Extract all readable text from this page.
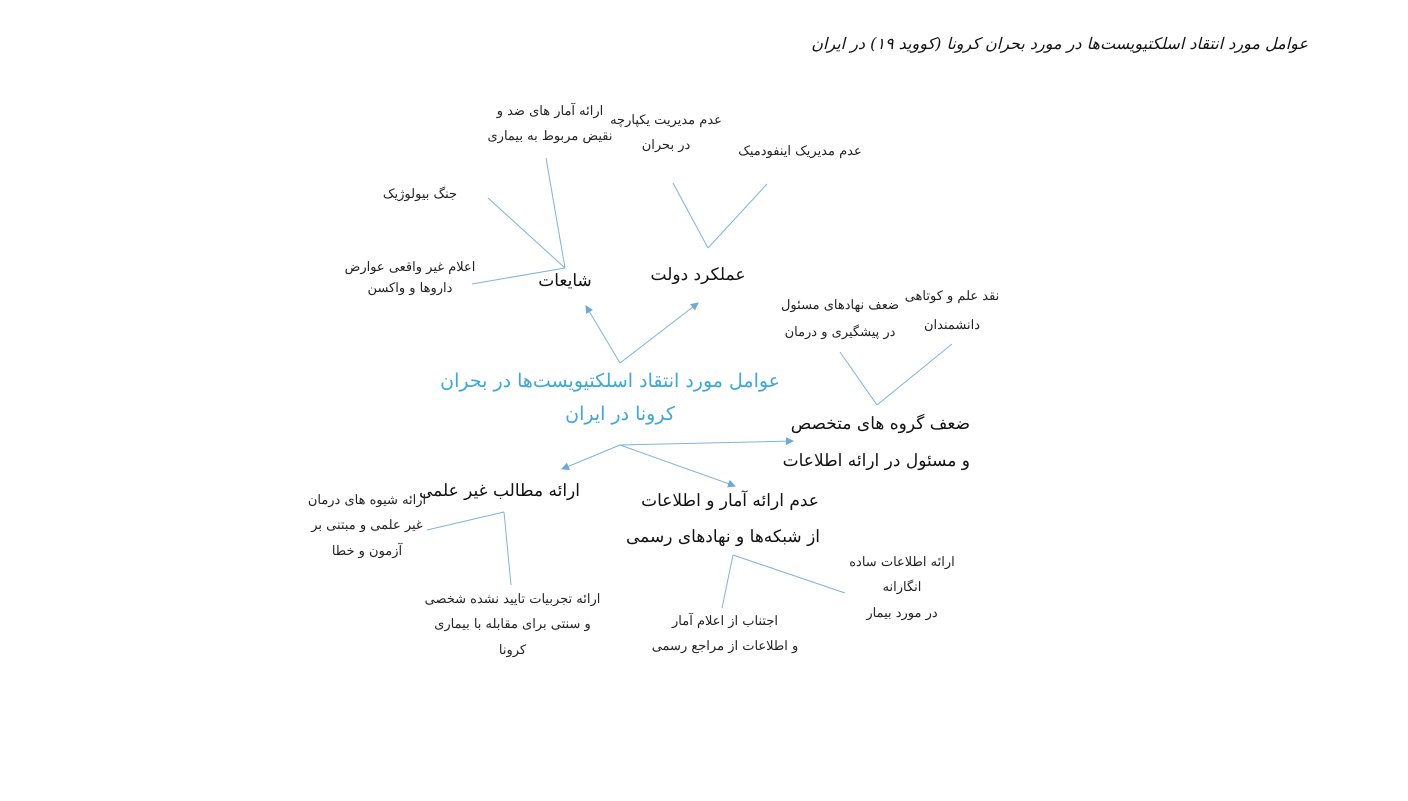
عوامل مورد انتقاد اسلکتیویست‌ها در مورد بحران کرونا (کووید ۱۹) در ایران
عوامل مورد انتقاد اسلکتیویست‌ها در بحران
کرونا در ایران
شایعات
ارائه آمار های ضد و
نقیض مربوط به بیماری
جنگ بیولوژیک
اعلام غیر واقعی عوارض
داروها و واکسن
عملکرد دولت
عدم مدیریت یکپارچه
در بحران	عدم مدیریک اینفودمیک
ضعف گروه های متخصص
و مسئول در ارائه اطلاعات
ضعف نهادهای مسئول
در پیشگیری و درمان
نقد علم و کوتاهی
دانشمندان
ارائه مطالب غیر علمی
ارائه شیوه های درمان
غیر علمی و مبتنی بر
آزمون و خطا
ارائه تجربیات تایید نشده شخصی
و سنتی برای مقابله با بیماری
کرونا
عدم ارائه آمار و اطلاعات
از شبکه‌ها و نهادهای رسمی
اجتناب از اعلام آمار
و اطلاعات از مراجع رسمی
ارائه اطلاعات ساده
انگارانه
در مورد بیمار
